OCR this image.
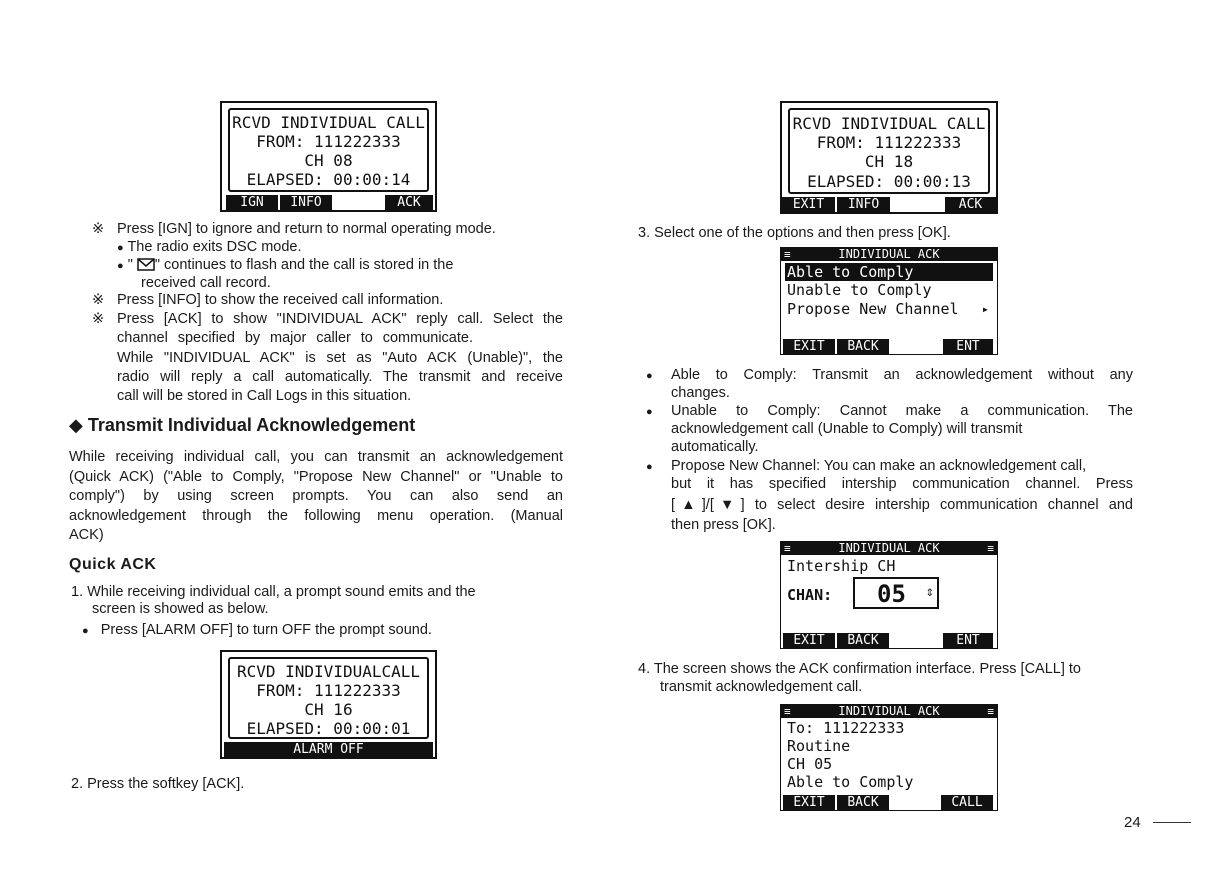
RCVD INDIVIDUAL CALL
FROM: 111222333
CH 08
ELAPSED: 00:00:14
IGN	INFO	ACK
※ Press [IGN] to ignore and return to normal operating mode.
● The radio exits DSC mode.
● " " continues to flash and the call is stored in the
received call record.
※ Press [INFO] to show the received call information.
※ Press [ACK] to show "INDIVIDUAL ACK" reply call. Select the
channel specified by major caller to communicate.
While "INDIVIDUAL ACK" is set as "Auto ACK (Unable)", the
radio will reply a call automatically. The transmit and receive
call will be stored in Call Logs in this situation.
◆ Transmit Individual Acknowledgement
While receiving individual call, you can transmit an acknowledgement
(Quick ACK) ("Able to Comply, "Propose New Channel" or "Unable to
comply") by using screen prompts. You can also send an
acknowledgement through the following menu operation. (Manual
ACK)
Quick ACK
1. While receiving individual call, a prompt sound emits and the
screen is showed as below.
● Press [ALARM OFF] to turn OFF the prompt sound.
RCVD INDIVIDUALCALL
FROM: 111222333
CH 16
ELAPSED: 00:00:01
ALARM OFF
2. Press the softkey [ACK].
RCVD INDIVIDUAL CALL
FROM: 111222333
CH 18
ELAPSED: 00:00:13
EXIT	INFO	ACK
3. Select one of the options and then press [OK].
≡	INDIVIDUAL ACK
Able to Comply
Unable to Comply
Propose New Channel ▸
EXIT	BACK	ENT
● Able to Comply: Transmit an acknowledgement without any
changes.
● Unable to Comply: Cannot make a communication. The
acknowledgement call (Unable to Comply) will transmit
automatically.
● Propose New Channel: You can make an acknowledgement call,
but it has specified intership communication channel. Press
[▲]/[▼] to select desire intership communication channel and
then press [OK].
≡	INDIVIDUAL ACK	≡
Intership CH
CHAN: 05 ⇕
EXIT	BACK	ENT
4. The screen shows the ACK confirmation interface. Press [CALL] to
transmit acknowledgement call.
≡	INDIVIDUAL ACK	≡
To: 111222333
Routine
CH 05
Able to Comply
EXIT	BACK	CALL
24
